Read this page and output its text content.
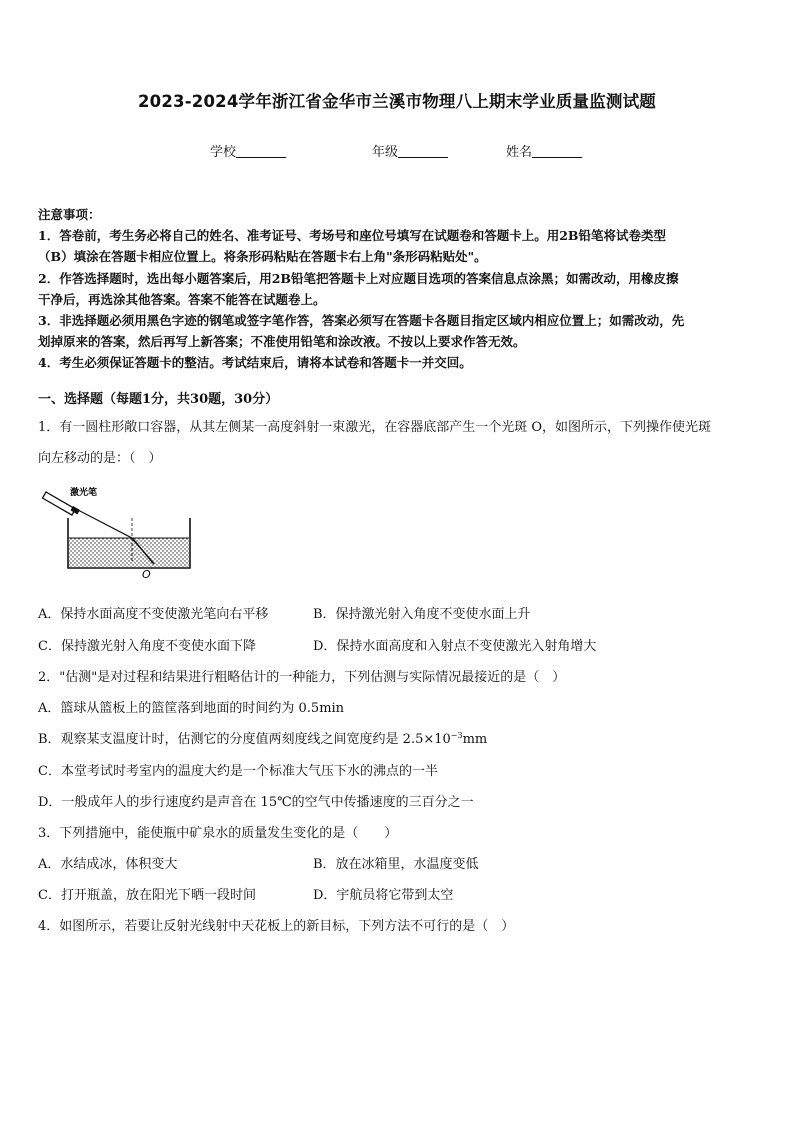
2023-2024学年浙江省金华市兰溪市物理八上期末学业质量监测试题
学校	年级	姓名
注意事项：
1．答卷前，考生务必将自己的姓名、准考证号、考场号和座位号填写在试题卷和答题卡上。用2B铅笔将试卷类型
（B）填涂在答题卡相应位置上。将条形码粘贴在答题卡右上角"条形码粘贴处"。
2．作答选择题时，选出每小题答案后，用2B铅笔把答题卡上对应题目选项的答案信息点涂黑；如需改动，用橡皮擦
干净后，再选涂其他答案。答案不能答在试题卷上。
3．非选择题必须用黑色字迹的钢笔或签字笔作答，答案必须写在答题卡各题目指定区域内相应位置上；如需改动，先
划掉原来的答案，然后再写上新答案；不准使用铅笔和涂改液。不按以上要求作答无效。
4．考生必须保证答题卡的整洁。考试结束后，请将本试卷和答题卡一并交回。
一、选择题（每题1分，共30题，30分）
1．有一圆柱形敞口容器，从其左侧某一高度斜射一束激光，在容器底部产生一个光斑 O，如图所示，下列操作使光斑
向左移动的是：（　）
O
激光笔
A．保持水面高度不变使激光笔向右平移	B．保持激光射入角度不变使水面上升
C．保持激光射入角度不变使水面下降	D．保持水面高度和入射点不变使激光入射角增大
2．"估测"是对过程和结果进行粗略估计的一种能力，下列估测与实际情况最接近的是（　）
A．篮球从篮板上的篮筐落到地面的时间约为 0.5min
B．观察某支温度计时，估测它的分度值两刻度线之间宽度约是 $2.5\times 10^{-3}mm$
C．本堂考试时考室内的温度大约是一个标准大气压下水的沸点的一半
D．一般成年人的步行速度约是声音在 15℃的空气中传播速度的三百分之一
3．下列措施中，能使瓶中矿泉水的质量发生变化的是（　　）
A．水结成冰，体积变大	B．放在冰箱里，水温度变低
C．打开瓶盖，放在阳光下晒一段时间	D．宇航员将它带到太空
4．如图所示，若要让反射光线射中天花板上的新目标，下列方法不可行的是（　）
